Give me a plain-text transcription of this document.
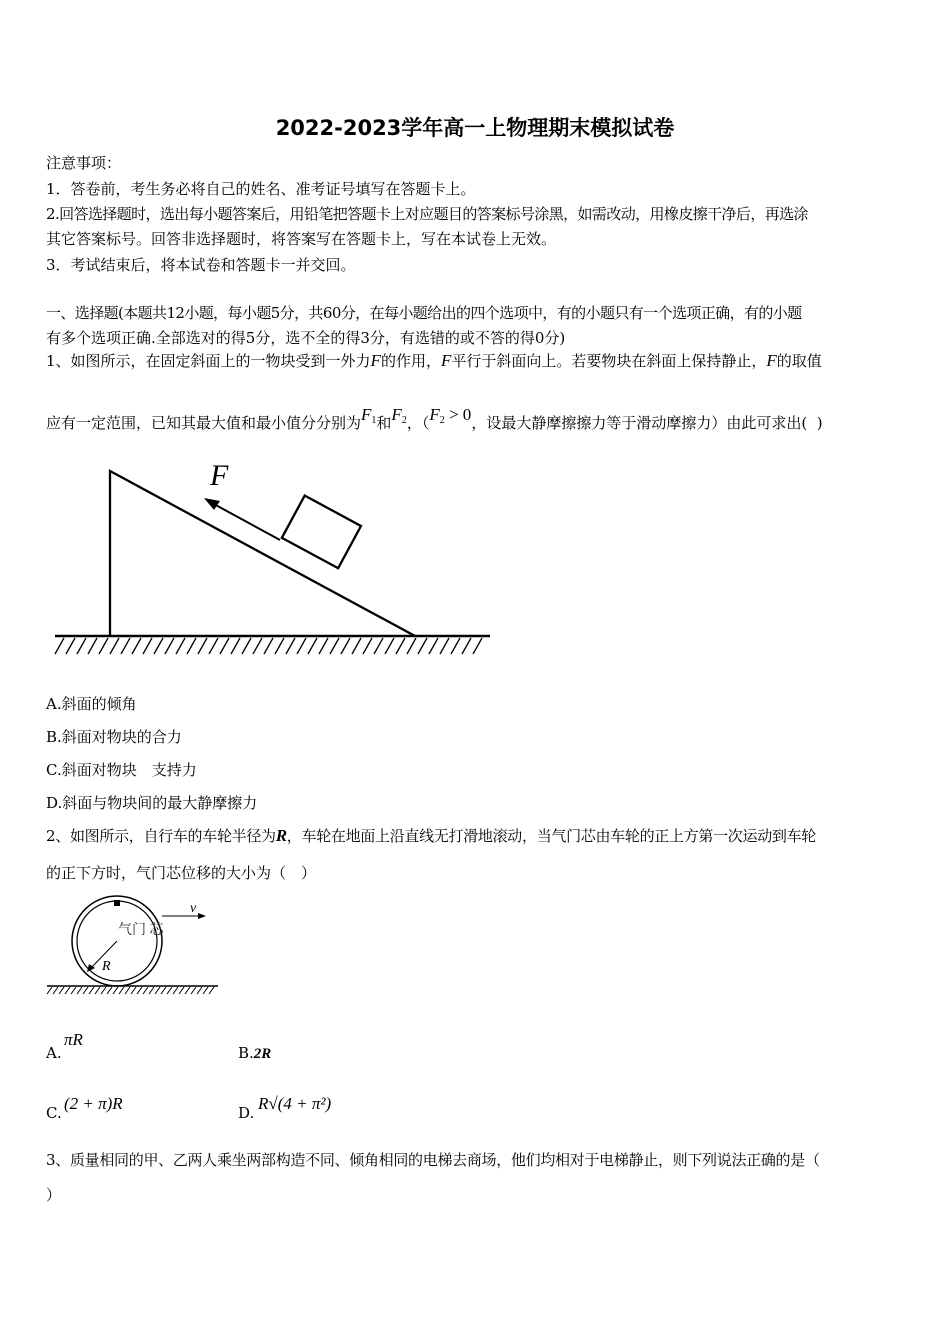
2022-2023学年高一上物理期末模拟试卷
注意事项：
1．答卷前，考生务必将自己的姓名、准考证号填写在答题卡上。
2.回答选择题时，选出每小题答案后，用铅笔把答题卡上对应题目的答案标号涂黑，如需改动，用橡皮擦干净后，再选涂
其它答案标号。回答非选择题时，将答案写在答题卡上，写在本试卷上无效。
3．考试结束后，将本试卷和答题卡一并交回。
一、选择题(本题共12小题，每小题5分，共60分，在每小题给出的四个选项中，有的小题只有一个选项正确，有的小题
有多个选项正确.全部选对的得5分，选不全的得3分，有选错的或不答的得0分)
1、如图所示，在固定斜面上的一物块受到一外力F的作用，F平行于斜面向上。若要物块在斜面上保持静止，F的取值
应有一定范围，已知其最大值和最小值分分别为$F_1$和$F_2$，（$F_2 > 0$，设最大静摩擦擦力等于滑动摩擦力）由此可求出( )
F
A.斜面的倾角
B.斜面对物块的合力
C.斜面对物块　支持力
D.斜面与物块间的最大静摩擦力
2、如图所示，自行车的车轮半径为R，车轮在地面上沿直线无打滑地滚动，当气门芯由车轮的正上方第一次运动到车轮
的正下方时，气门芯位移的大小为（　）
v
气门 芯
R
A.
πR
B.2R
C. (2 + π)R	D. R√(4 + π²)
3、质量相同的甲、乙两人乘坐两部构造不同、倾角相同的电梯去商场，他们均相对于电梯静止，则下列说法正确的是（
）
